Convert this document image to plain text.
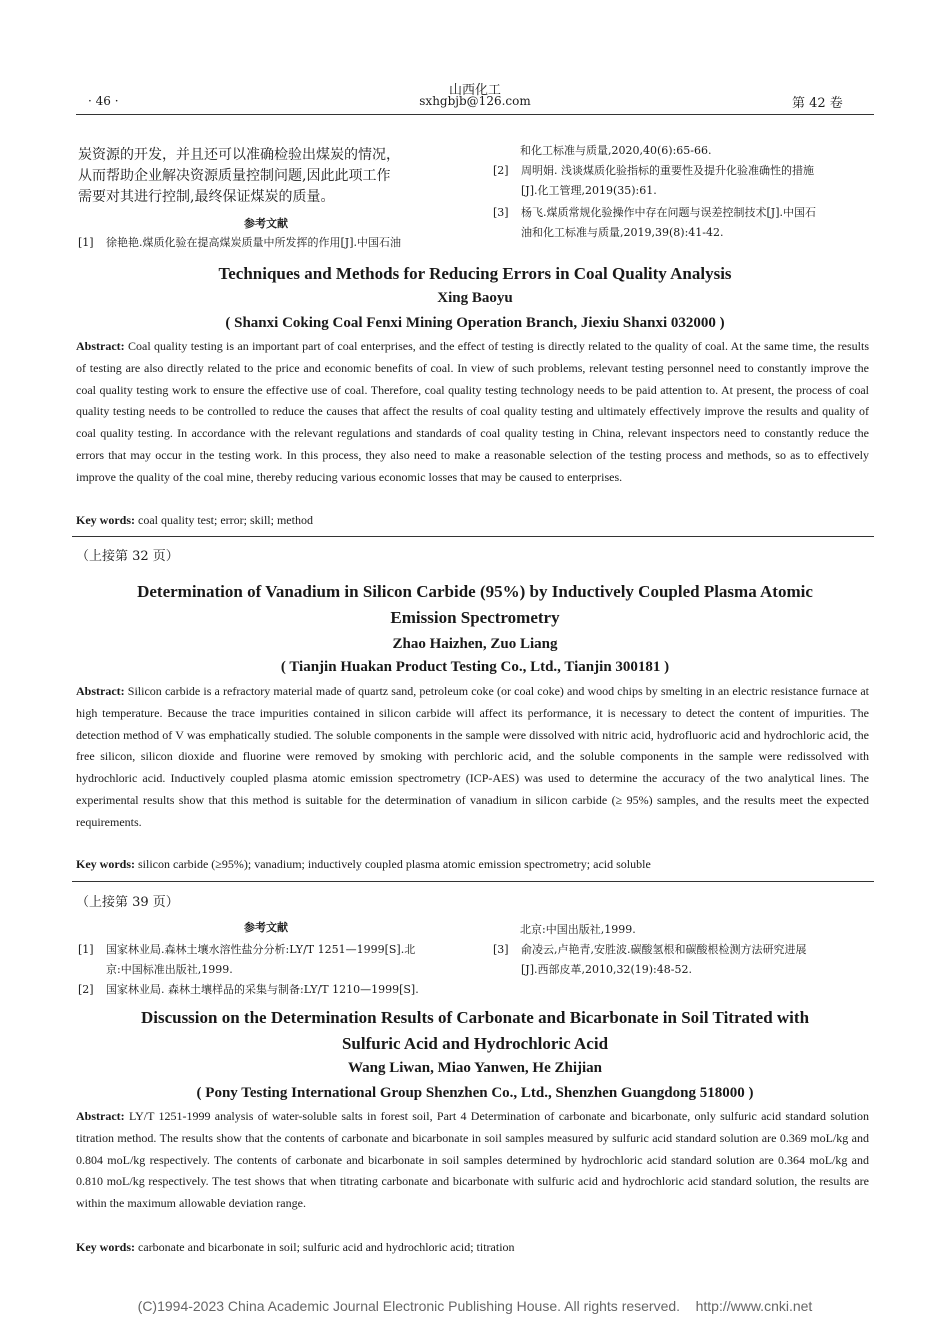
· 46 ·
山西化工
sxhgbjb@126.com	第 42 卷
炭资源的开发，并且还可以准确检验出煤炭的情况，
从而帮助企业解决资源质量控制问题,因此此项工作
需要对其进行控制,最终保证煤炭的质量。
参考文献
[1] 徐艳艳.煤质化验在提高煤炭质量中所发挥的作用[J].中国石油
和化工标准与质量,2020,40(6):65-66.
[2] 周明娟. 浅谈煤质化验指标的重要性及提升化验准确性的措施
[J].化工管理,2019(35):61.
[3] 杨飞.煤质常规化验操作中存在问题与误差控制技术[J].中国石
油和化工标准与质量,2019,39(8):41-42.
Techniques and Methods for Reducing Errors in Coal Quality Analysis
Xing Baoyu
( Shanxi Coking Coal Fenxi Mining Operation Branch, Jiexiu Shanxi 032000 )

Abstract: Coal quality testing is an important part of coal enterprises, and the effect of testing is directly related to the quality of coal. At the same time, the results of testing are also directly related to the price and economic benefits of coal. In view of such problems, relevant testing personnel need to constantly improve the coal quality testing work to ensure the effective use of coal. Therefore, coal quality testing technology needs to be paid attention to. At present, the process of coal quality testing needs to be controlled to reduce the causes that affect the results of coal quality testing and ultimately effectively improve the results and quality of coal quality testing. In accordance with the relevant regulations and standards of coal quality testing in China, relevant inspectors need to constantly reduce the errors that may occur in the testing work. In this process, they also need to make a reasonable selection of the testing process and methods, so as to effectively improve the quality of the coal mine, thereby reducing various economic losses that may be caused to enterprises.

Key words: coal quality test; error; skill; method
（上接第 32 页）
Determination of Vanadium in Silicon Carbide (95%) by Inductively Coupled Plasma Atomic
Emission Spectrometry
Zhao Haizhen, Zuo Liang
( Tianjin Huakan Product Testing Co., Ltd., Tianjin 300181 )

Abstract: Silicon carbide is a refractory material made of quartz sand, petroleum coke (or coal coke) and wood chips by smelting in an electric resistance furnace at high temperature. Because the trace impurities contained in silicon carbide will affect its performance, it is necessary to detect the content of impurities. The detection method of V was emphatically studied. The soluble components in the sample were dissolved with nitric acid, hydrofluoric acid and hydrochloric acid, the free silicon, silicon dioxide and fluorine were removed by smoking with perchloric acid, and the soluble components in the sample were redissolved with hydrochloric acid. Inductively coupled plasma atomic emission spectrometry (ICP-AES) was used to determine the accuracy of the two analytical lines. The experimental results show that this method is suitable for the determination of vanadium in silicon carbide (≥ 95%) samples, and the results meet the expected requirements.

Key words: silicon carbide (≥95%); vanadium; inductively coupled plasma atomic emission spectrometry; acid soluble
（上接第 39 页）
参考文献
[1] 国家林业局.森林土壤水溶性盐分分析:LY/T 1251—1999[S].北
京:中国标准出版社,1999.
[2] 国家林业局. 森林土壤样品的采集与制备:LY/T 1210—1999[S].
北京:中国出版社,1999.
[3] 俞凌云,卢艳青,安胜波.碳酸氢根和碳酸根检测方法研究进展
[J].西部皮革,2010,32(19):48-52.
Discussion on the Determination Results of Carbonate and Bicarbonate in Soil Titrated with
Sulfuric Acid and Hydrochloric Acid
Wang Liwan, Miao Yanwen, He Zhijian
( Pony Testing International Group Shenzhen Co., Ltd., Shenzhen Guangdong 518000 )

Abstract: LY/T 1251-1999 analysis of water-soluble salts in forest soil, Part 4 Determination of carbonate and bicarbonate, only sulfuric acid standard solution titration method. The results show that the contents of carbonate and bicarbonate in soil samples measured by sulfuric acid standard solution are 0.369 moL/kg and 0.804 moL/kg respectively. The contents of carbonate and bicarbonate in soil samples determined by hydrochloric acid standard solution are 0.364 moL/kg and 0.810 moL/kg respectively. The test shows that when titrating carbonate and bicarbonate with sulfuric acid and hydrochloric acid standard solution, the results are within the maximum allowable deviation range.

Key words: carbonate and bicarbonate in soil; sulfuric acid and hydrochloric acid; titration
(C)1994-2023 China Academic Journal Electronic Publishing House. All rights reserved.    http://www.cnki.net
